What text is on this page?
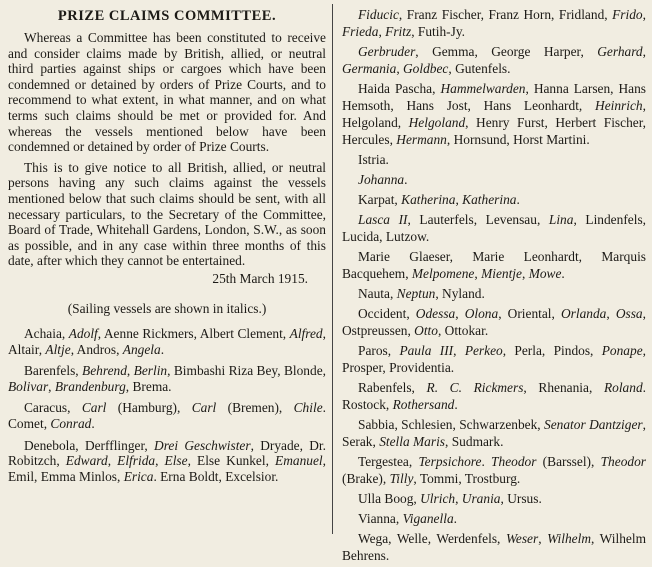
PRIZE CLAIMS COMMITTEE.

Whereas a Committee has been constituted to receive and consider claims made by British, allied, or neutral third parties against ships or cargoes which have been condemned or detained by orders of Prize Courts, and to recommend to what extent, in what manner, and on what terms such claims should be met or provided for. And whereas the vessels mentioned below have been condemned or detained by order of Prize Courts.

This is to give notice to all British, allied, or neutral persons having any such claims against the vessels mentioned below that such claims should be sent, with all necessary particulars, to the Secretary of the Committee, Board of Trade, Whitehall Gardens, London, S.W., as soon as possible, and in any case within three months of this date, after which they cannot be entertained.

25th March 1915.

(Sailing vessels are shown in italics.)

Achaia, Adolf, Aenne Rickmers, Albert Clement, Alfred, Altair, Altje, Andros, Angela.

Barenfels, Behrend, Berlin, Bimbashi Riza Bey, Blonde, Bolivar, Brandenburg, Brema.

Caracus, Carl (Hamburg), Carl (Bremen), Chile. Comet, Conrad.

Denebola, Derfflinger, Drei Geschwister, Dryade, Dr. Robitzch, Edward, Elfrida, Else, Else Kunkel, Emanuel, Emil, Emma Minlos, Erica. Erna Boldt, Excelsior.

Fiducic, Franz Fischer, Franz Horn, Fridland, Frido, Frieda, Fritz, Futih-Jy.

Gerbruder, Gemma, George Harper, Gerhard, Germania, Goldbec, Gutenfels.

Haida Pascha, Hammelwarden, Hanna Larsen, Hans Hemsoth, Hans Jost, Hans Leonhardt, Heinrich, Helgoland, Helgoland, Henry Furst, Herbert Fischer, Hercules, Hermann, Hornsund, Horst Martini.

Istria.

Johanna.

Karpat, Katherina, Katherina.

Lasca II, Lauterfels, Levensau, Lina, Lindenfels, Lucida, Lutzow.

Marie Glaeser, Marie Leonhardt, Marquis Bacquehem, Melpomene, Mientje, Mowe.

Nauta, Neptun, Nyland.

Occident, Odessa, Olona, Oriental, Orlanda, Ossa, Ostpreussen, Otto, Ottokar.

Paros, Paula III, Perkeo, Perla, Pindos, Ponape, Prosper, Providentia.

Rabenfels, R. C. Rickmers, Rhenania, Roland. Rostock, Rothersand.

Sabbia, Schlesien, Schwarzenbek, Senator Dantziger, Serak, Stella Maris, Sudmark.

Tergestea, Terpsichore. Theodor (Barssel), Theodor (Brake), Tilly, Tommi, Trostburg.

Ulla Boog, Ulrich, Urania, Ursus.

Vianna, Viganella.

Wega, Welle, Werdenfels, Weser, Wilhelm, Wilhelm Behrens.
